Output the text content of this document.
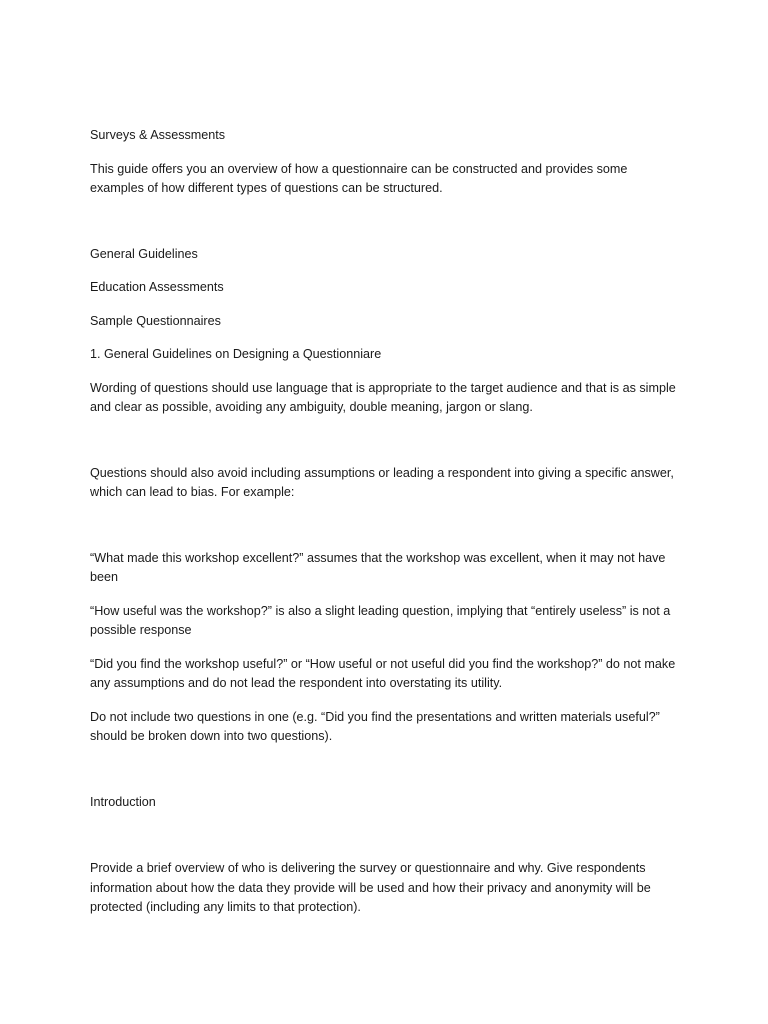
Surveys & Assessments

This guide offers you an overview of how a questionnaire can be constructed and provides some examples of how different types of questions can be structured.

General Guidelines

Education Assessments

Sample Questionnaires

1. General Guidelines on Designing a Questionniare

Wording of questions should use language that is appropriate to the target audience and that is as simple and clear as possible, avoiding any ambiguity, double meaning, jargon or slang.

Questions should also avoid including assumptions or leading a respondent into giving a specific answer, which can lead to bias. For example:

“What made this workshop excellent?” assumes that the workshop was excellent, when it may not have been

“How useful was the workshop?” is also a slight leading question, implying that “entirely useless” is not a possible response

“Did you find the workshop useful?” or “How useful or not useful did you find the workshop?” do not make any assumptions and do not lead the respondent into overstating its utility.

Do not include two questions in one (e.g. “Did you find the presentations and written materials useful?” should be broken down into two questions).

Introduction

Provide a brief overview of who is delivering the survey or questionnaire and why. Give respondents information about how the data they provide will be used and how their privacy and anonymity will be protected (including any limits to that protection).
